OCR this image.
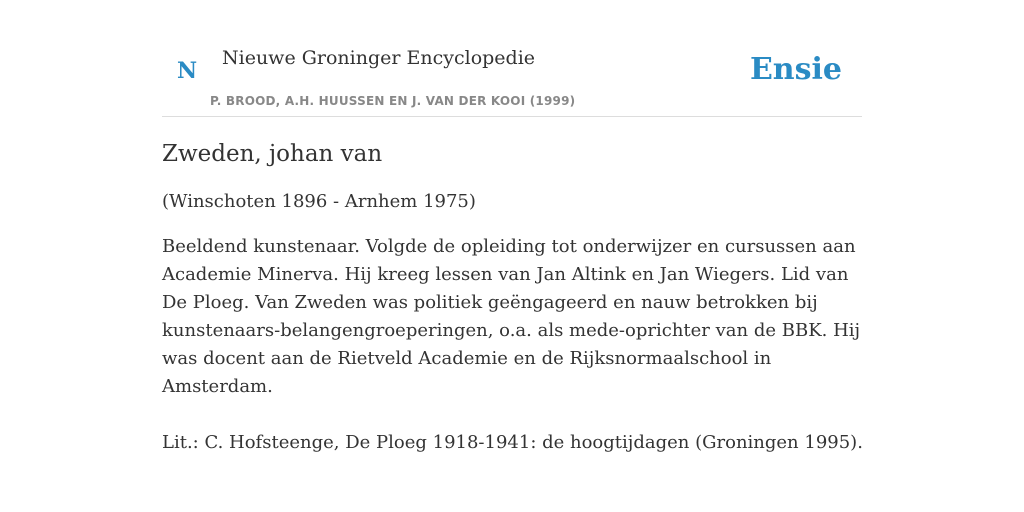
N Nieuwe Groninger Encyclopedie
P. BROOD, A.H. HUUSSEN EN J. VAN DER KOOI (1999)
Ensie
Zweden, johan van

(Winschoten 1896 - Arnhem 1975)

Beeldend kunstenaar. Volgde de opleiding tot onderwijzer en cursussen aan Academie Minerva. Hij kreeg lessen van Jan Altink en Jan Wiegers. Lid van De Ploeg. Van Zweden was politiek geëngageerd en nauw betrokken bij kunstenaars-belangengroeperingen, o.a. als mede-oprichter van de BBK. Hij was docent aan de Rietveld Academie en de Rijksnormaalschool in Amsterdam.

Lit.: C. Hofsteenge, De Ploeg 1918-1941: de hoogtijdagen (Groningen 1995).
